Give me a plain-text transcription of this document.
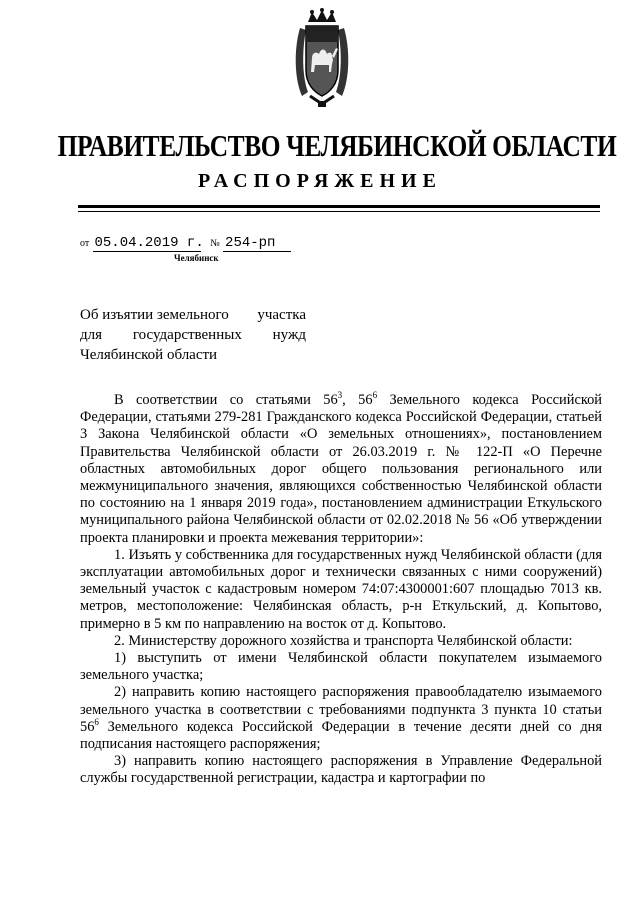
ПРАВИТЕЛЬСТВО ЧЕЛЯБИНСКОЙ ОБЛАСТИ
РАСПОРЯЖЕНИЕ
от 05.04.2019 г. № 254-рп
Челябинск
Об изъятии земельного участка
для государственных нужд
Челябинской области

В соответствии со статьями $56^3$, $56^6$ Земельного кодекса Российской Федерации, статьями 279-281 Гражданского кодекса Российской Федерации, статьей 3 Закона Челябинской области «О земельных отношениях», постановлением Правительства Челябинской области от 26.03.2019 г. № 122-П «О Перечне областных автомобильных дорог общего пользования регионального или межмуниципального значения, являющихся собственностью Челябинской области по состоянию на 1 января 2019 года», постановлением администрации Еткульского муниципального района Челябинской области от 02.02.2018 № 56 «Об утверждении проекта планировки и проекта межевания территории»:

1. Изъять у собственника для государственных нужд Челябинской области (для эксплуатации автомобильных дорог и технически связанных с ними сооружений) земельный участок с кадастровым номером 74:07:4300001:607 площадью 7013 кв. метров, местоположение: Челябинская область, р-н Еткульский, д. Копытово, примерно в 5 км по направлению на восток от д. Копытово.

2. Министерству дорожного хозяйства и транспорта Челябинской области:

1) выступить от имени Челябинской области покупателем изымаемого земельного участка;

2) направить копию настоящего распоряжения правообладателю изымаемого земельного участка в соответствии с требованиями подпункта 3 пункта 10 статьи $56^6$ Земельного кодекса Российской Федерации в течение десяти дней со дня подписания настоящего распоряжения;

3) направить копию настоящего распоряжения в Управление Федеральной службы государственной регистрации, кадастра и картографии по
